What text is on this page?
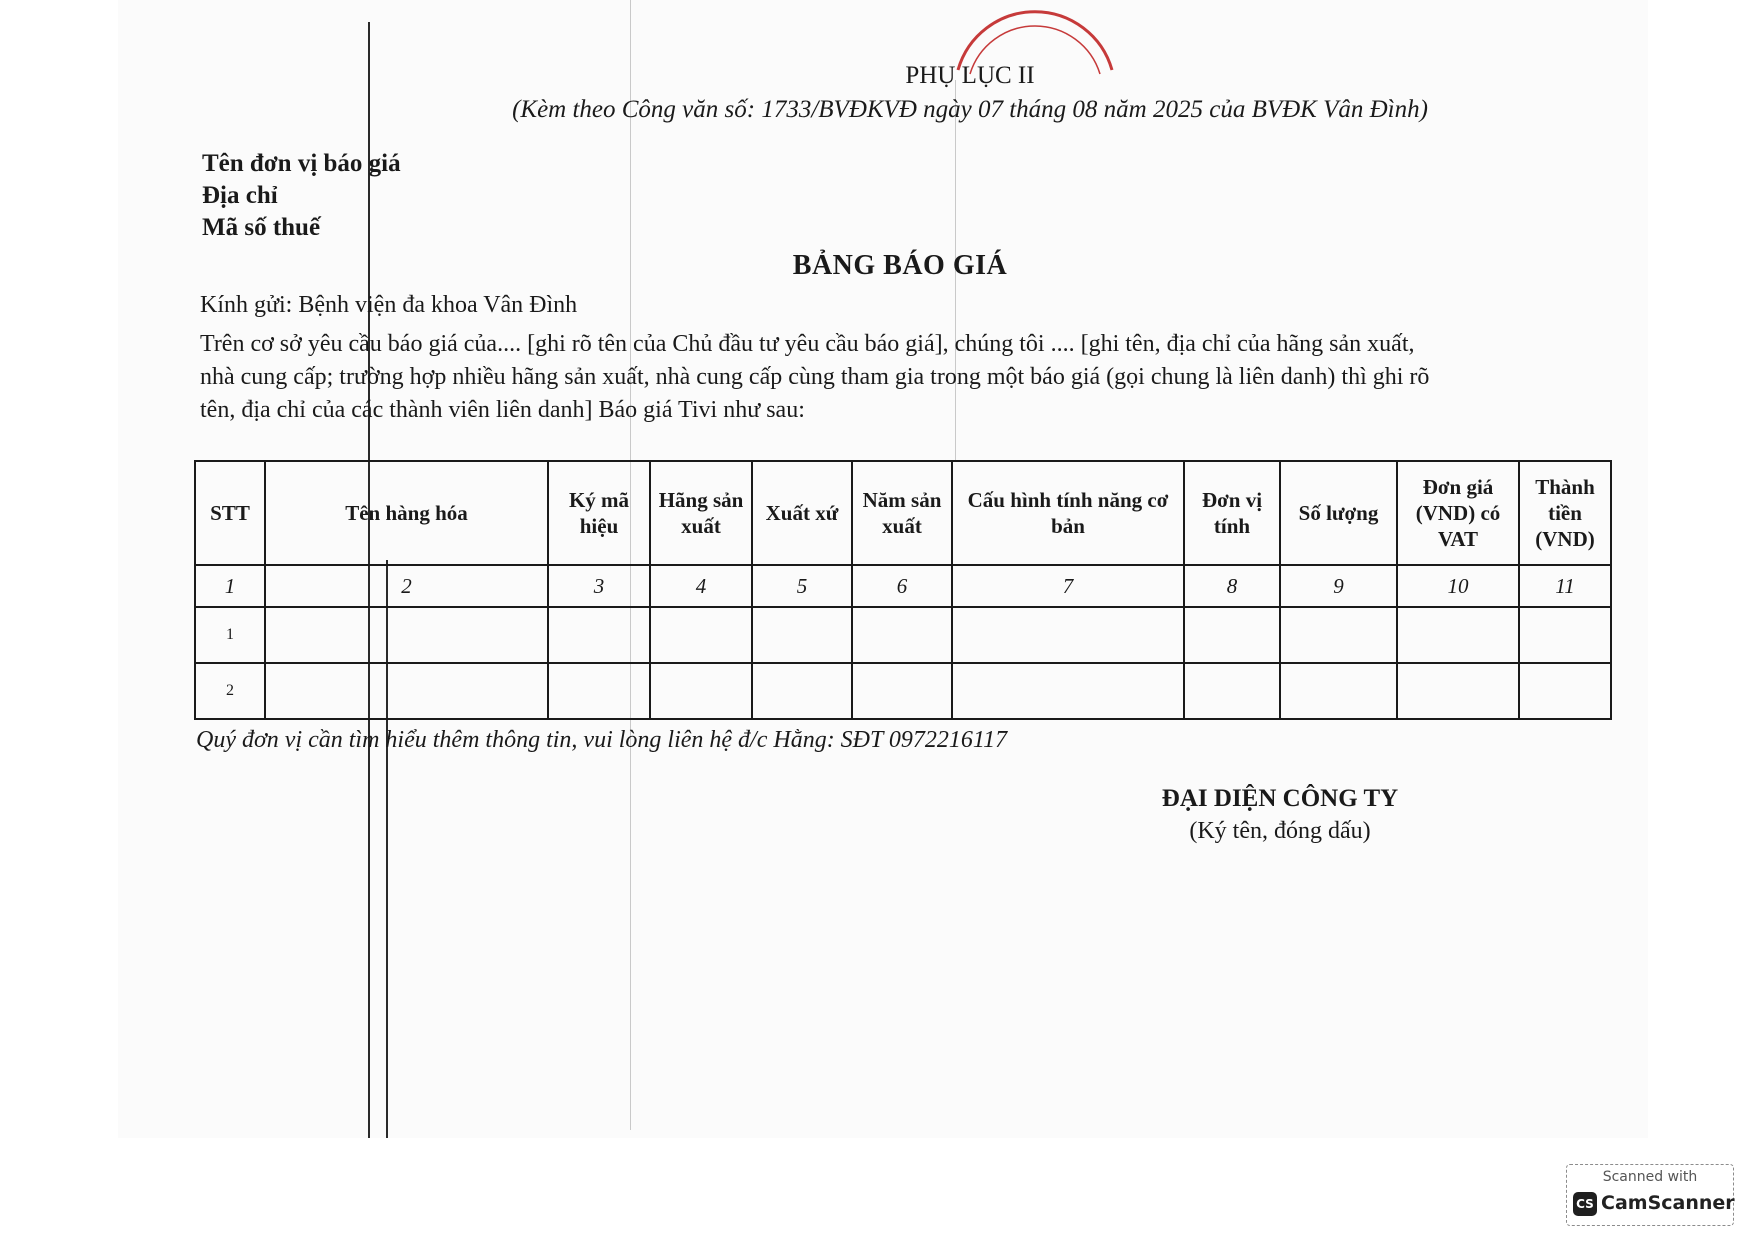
PHỤ LỤC II
(Kèm theo Công văn số: 1733/BVĐKVĐ ngày 07 tháng 08 năm 2025 của BVĐK Vân Đình)
Tên đơn vị báo giá
Địa chỉ
Mã số thuế
BẢNG BÁO GIÁ
Kính gửi: Bệnh viện đa khoa Vân Đình
Trên cơ sở yêu cầu báo giá của.... [ghi rõ tên của Chủ đầu tư yêu cầu báo giá], chúng tôi .... [ghi tên, địa chỉ của hãng sản xuất,
nhà cung cấp; trường hợp nhiều hãng sản xuất, nhà cung cấp cùng tham gia trong một báo giá (gọi chung là liên danh) thì ghi rõ
tên, địa chỉ của các thành viên liên danh] Báo giá Tivi như sau:
STT	Tên hàng hóa	Ký mã hiệu	Hãng sản xuất	Xuất xứ	Năm sản xuất	Cấu hình tính năng cơ bản	Đơn vị tính	Số lượng	Đơn giá (VND) có VAT	Thành tiền (VND)
1	2	3	4	5	6	7	8	9	10	11
1										
2										
Quý đơn vị cần tìm hiểu thêm thông tin, vui lòng liên hệ đ/c Hằng: SĐT 0972216117
ĐẠI DIỆN CÔNG TY
(Ký tên, đóng dấu)
Scanned with
CS CamScanner
